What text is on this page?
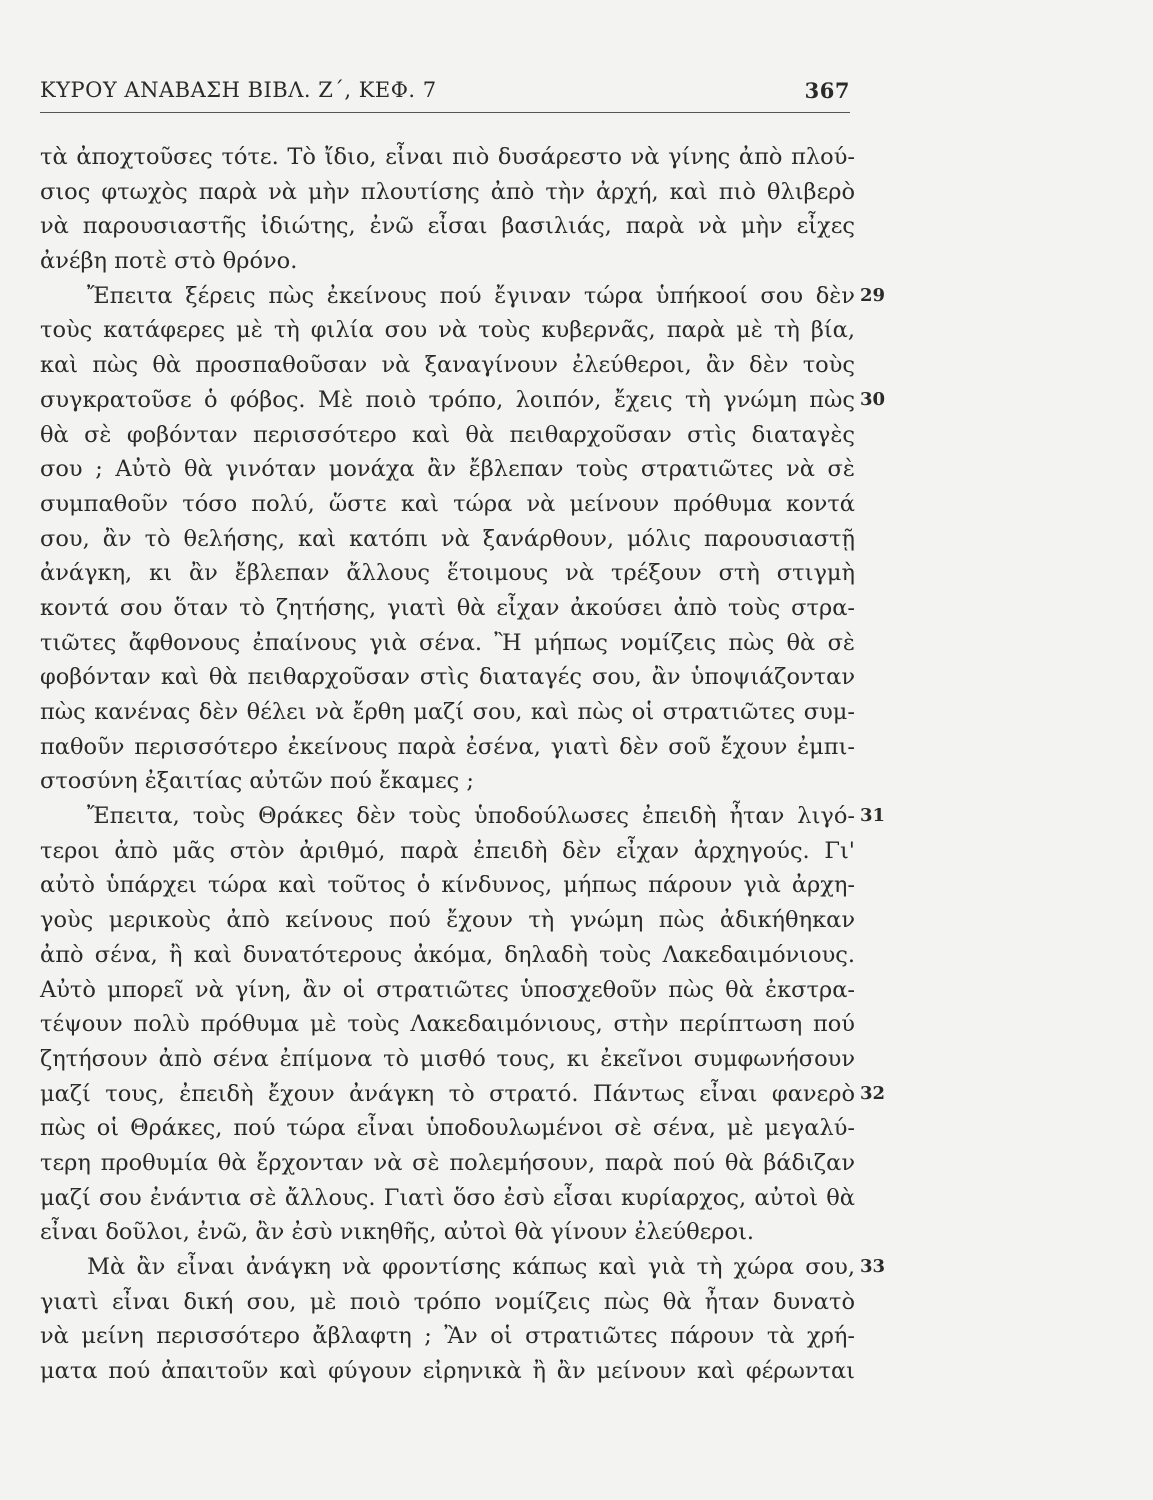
ΚΥΡΟΥ ΑΝΑΒΑΣΗ ΒΙΒΛ. Ζ΄, ΚΕΦ. 7	367
τὰ ἀποχτοῦσες τότε. Τὸ ἴδιο, εἶναι πιὸ δυσάρεστο νὰ γίνης ἀπὸ πλού-
σιος φτωχὸς παρὰ νὰ μὴν πλουτίσης ἀπὸ τὴν ἀρχή, καὶ πιὸ θλιβερὸ
νὰ παρουσιαστῆς ἰδιώτης, ἐνῶ εἶσαι βασιλιάς, παρὰ νὰ μὴν εἶχες
ἀνέβη ποτὲ στὸ θρόνο.
Ἔπειτα ξέρεις πὼς ἐκείνους πού ἔγιναν τώρα ὑπήκοοί σου δὲν 29
τοὺς κατάφερες μὲ τὴ φιλία σου νὰ τοὺς κυβερνᾶς, παρὰ μὲ τὴ βία,
καὶ πὼς θὰ προσπαθοῦσαν νὰ ξαναγίνουν ἐλεύθεροι, ἂν δὲν τοὺς
συγκρατοῦσε ὁ φόβος. Μὲ ποιὸ τρόπο, λοιπόν, ἔχεις τὴ γνώμη πὼς 30
θὰ σὲ φοβόνταν περισσότερο καὶ θὰ πειθαρχοῦσαν στὶς διαταγὲς
σου ; Αὐτὸ θὰ γινόταν μονάχα ἂν ἔβλεπαν τοὺς στρατιῶτες νὰ σὲ
συμπαθοῦν τόσο πολύ, ὥστε καὶ τώρα νὰ μείνουν πρόθυμα κοντά
σου, ἂν τὸ θελήσης, καὶ κατόπι νὰ ξανάρθουν, μόλις παρουσιαστῇ
ἀνάγκη, κι ἂν ἔβλεπαν ἄλλους ἕτοιμους νὰ τρέξουν στὴ στιγμὴ
κοντά σου ὅταν τὸ ζητήσης, γιατὶ θὰ εἶχαν ἀκούσει ἀπὸ τοὺς στρα-
τιῶτες ἄφθονους ἐπαίνους γιὰ σένα. Ἢ μήπως νομίζεις πὼς θὰ σὲ
φοβόνταν καὶ θὰ πειθαρχοῦσαν στὶς διαταγές σου, ἂν ὑποψιάζονταν
πὼς κανένας δὲν θέλει νὰ ἔρθη μαζί σου, καὶ πὼς οἱ στρατιῶτες συμ-
παθοῦν περισσότερο ἐκείνους παρὰ ἐσένα, γιατὶ δὲν σοῦ ἔχουν ἐμπι-
στοσύνη ἐξαιτίας αὐτῶν πού ἔκαμες ;
Ἔπειτα, τοὺς Θράκες δὲν τοὺς ὑποδούλωσες ἐπειδὴ ἦταν λιγό- 31
τεροι ἀπὸ μᾶς στὸν ἀριθμό, παρὰ ἐπειδὴ δὲν εἶχαν ἀρχηγούς. Γι'
αὐτὸ ὑπάρχει τώρα καὶ τοῦτος ὁ κίνδυνος, μήπως πάρουν γιὰ ἀρχη-
γοὺς μερικοὺς ἀπὸ κείνους πού ἔχουν τὴ γνώμη πὼς ἀδικήθηκαν
ἀπὸ σένα, ἢ καὶ δυνατότερους ἀκόμα, δηλαδὴ τοὺς Λακεδαιμόνιους.
Αὐτὸ μπορεῖ νὰ γίνη, ἂν οἱ στρατιῶτες ὑποσχεθοῦν πὼς θὰ ἐκστρα-
τέψουν πολὺ πρόθυμα μὲ τοὺς Λακεδαιμόνιους, στὴν περίπτωση πού
ζητήσουν ἀπὸ σένα ἐπίμονα τὸ μισθό τους, κι ἐκεῖνοι συμφωνήσουν
μαζί τους, ἐπειδὴ ἔχουν ἀνάγκη τὸ στρατό. Πάντως εἶναι φανερὸ 32
πὼς οἱ Θράκες, πού τώρα εἶναι ὑποδουλωμένοι σὲ σένα, μὲ μεγαλύ-
τερη προθυμία θὰ ἔρχονταν νὰ σὲ πολεμήσουν, παρὰ πού θὰ βάδιζαν
μαζί σου ἐνάντια σὲ ἄλλους. Γιατὶ ὅσο ἐσὺ εἶσαι κυρίαρχος, αὐτοὶ θὰ
εἶναι δοῦλοι, ἐνῶ, ἂν ἐσὺ νικηθῆς, αὐτοὶ θὰ γίνουν ἐλεύθεροι.
Μὰ ἂν εἶναι ἀνάγκη νὰ φροντίσης κάπως καὶ γιὰ τὴ χώρα σου, 33
γιατὶ εἶναι δική σου, μὲ ποιὸ τρόπο νομίζεις πὼς θὰ ἦταν δυνατὸ
νὰ μείνη περισσότερο ἄβλαφτη ; Ἂν οἱ στρατιῶτες πάρουν τὰ χρή-
ματα πού ἀπαιτοῦν καὶ φύγουν εἰρηνικὰ ἢ ἂν μείνουν καὶ φέρωνται
